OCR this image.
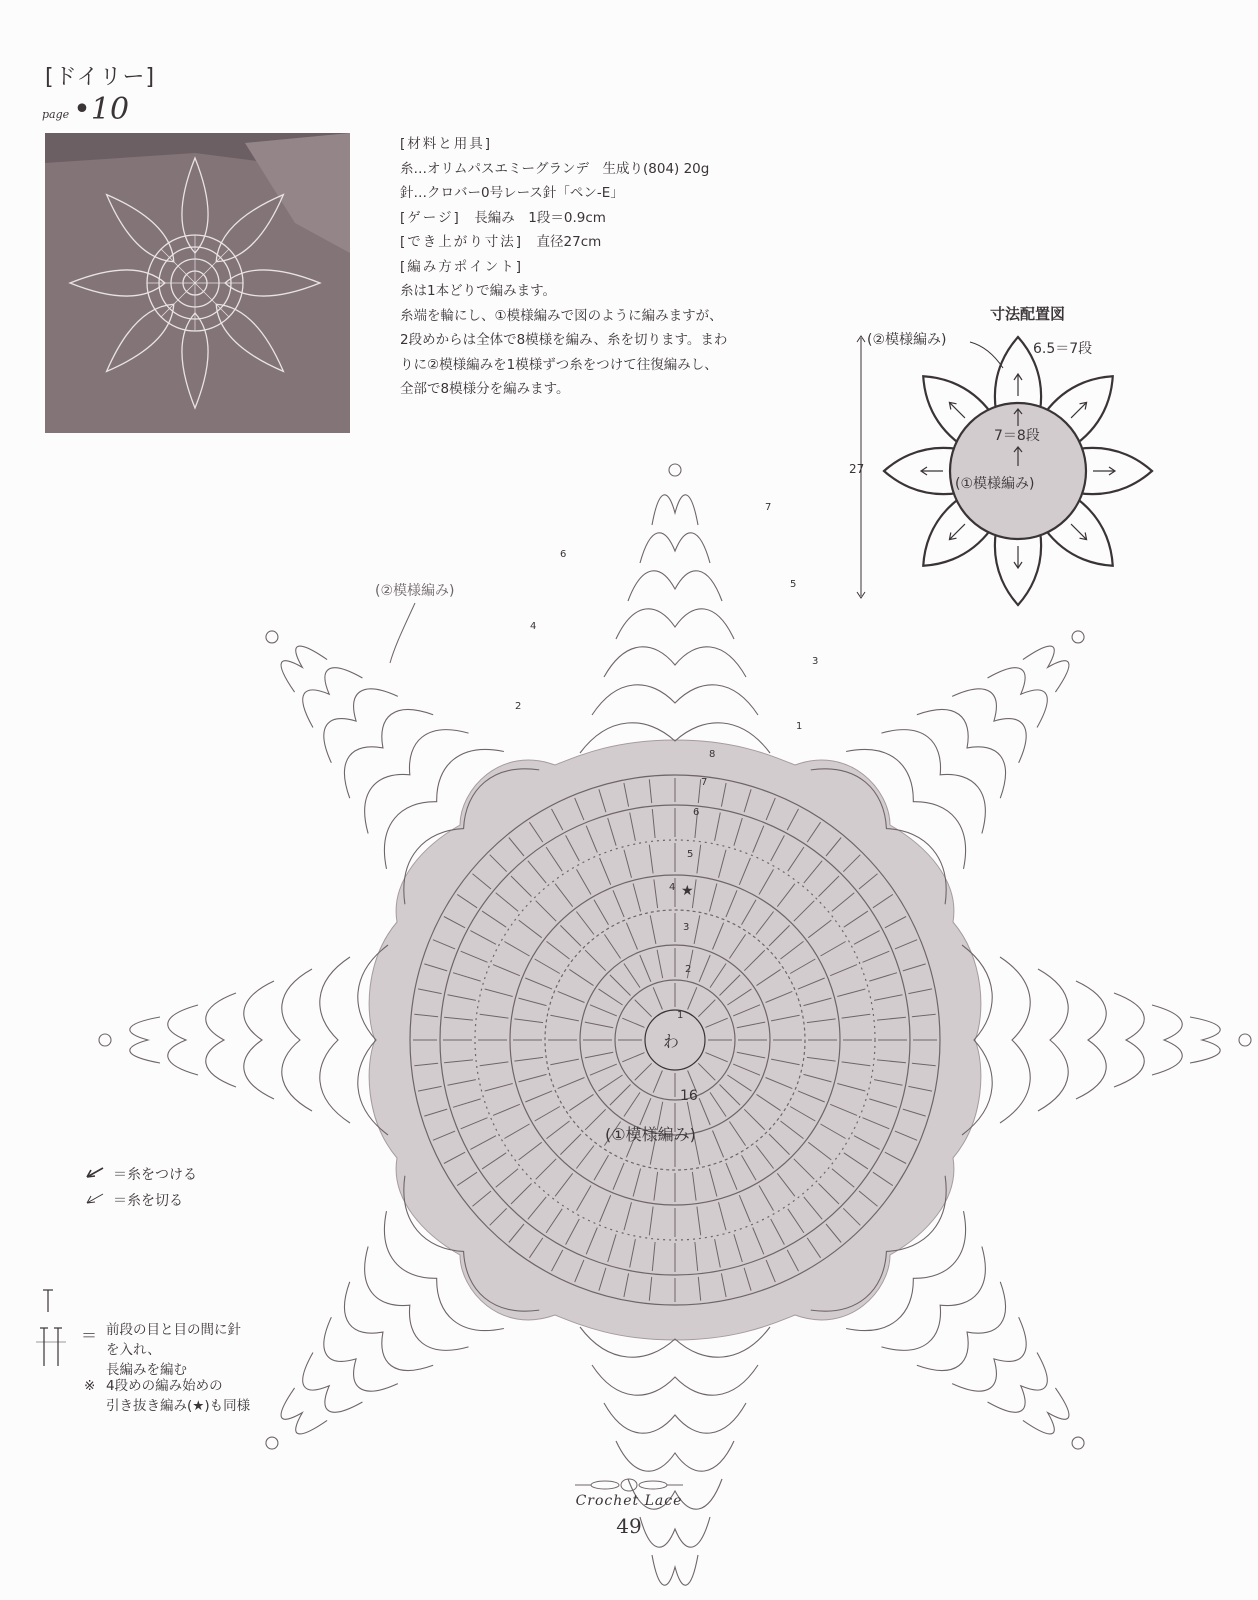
[ドイリー]
page •10
[材料と用具]
糸…オリムパスエミーグランデ　生成り(804) 20g
針…クロバー0号レース針「ペン-E」
[ゲージ]　 長編み　1段＝0.9cm
[でき上がり寸法]　 直径27cm
[編み方ポイント]
糸は1本どりで編みます。
糸端を輪にし、①模様編みで図のように編みますが、
2段めからは全体で8模様を編み、糸を切ります。まわ
りに②模様編みを1模様ずつ糸をつけて往復編みし、
全部で8模様分を編みます。
寸法配置図
(②模様編み)
6.5＝7段
7＝8段
(①模様編み)
27
わ
16
(①模様編み)
★
1
2
3
4
5
6
7
8
7
6
5
4
3
2
1
(②模様編み)
＝糸をつける
＝糸を切る
＝ 前段の目と目の間に針を入れ、
長編みを編む
※ 4段めの編み始めの
引き抜き編み(★)も同様
Crochet Lace
49
